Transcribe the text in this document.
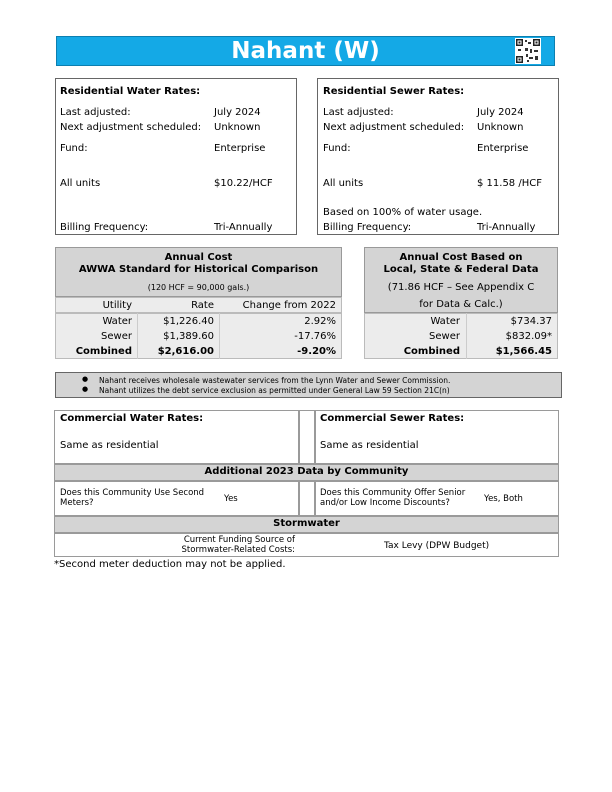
Nahant (W)
Residential Water Rates:
Last adjusted:	July 2024
Next adjustment scheduled: Unknown
Fund:	Enterprise
All units	$10.22/HCF
Billing Frequency:	Tri-Annually
Residential Sewer Rates:
Last adjusted:	July 2024
Next adjustment scheduled: Unknown
Fund:	Enterprise
All units	$ 11.58 /HCF
Based on 100% of water usage.
Billing Frequency:	Tri-Annually
Annual Cost
AWWA Standard for Historical Comparison
(120 HCF = 90,000 gals.)
Utility	Rate	Change from 2022
Water	$1,226.40	2.92%
Sewer	$1,389.60	-17.76%
Combined	$2,616.00	-9.20%
Annual Cost Based on
Local, State & Federal Data
(71.86 HCF – See Appendix C
for Data & Calc.)
Water	$734.37
Sewer	$832.09*
Combined	$1,566.45
● Nahant receives wholesale wastewater services from the Lynn Water and Sewer Commission.
● Nahant utilizes the debt service exclusion as permitted under General Law 59 Section 21C(n)
Commercial Water Rates:
Same as residential
Commercial Sewer Rates:
Same as residential
Additional 2023 Data by Community
Does this Community Use Second Meters?	Yes
Does this Community Offer Senior and/or Low Income Discounts?	Yes, Both
Stormwater
Current Funding Source of Stormwater-Related Costs:	Tax Levy (DPW Budget)
*Second meter deduction may not be applied.
